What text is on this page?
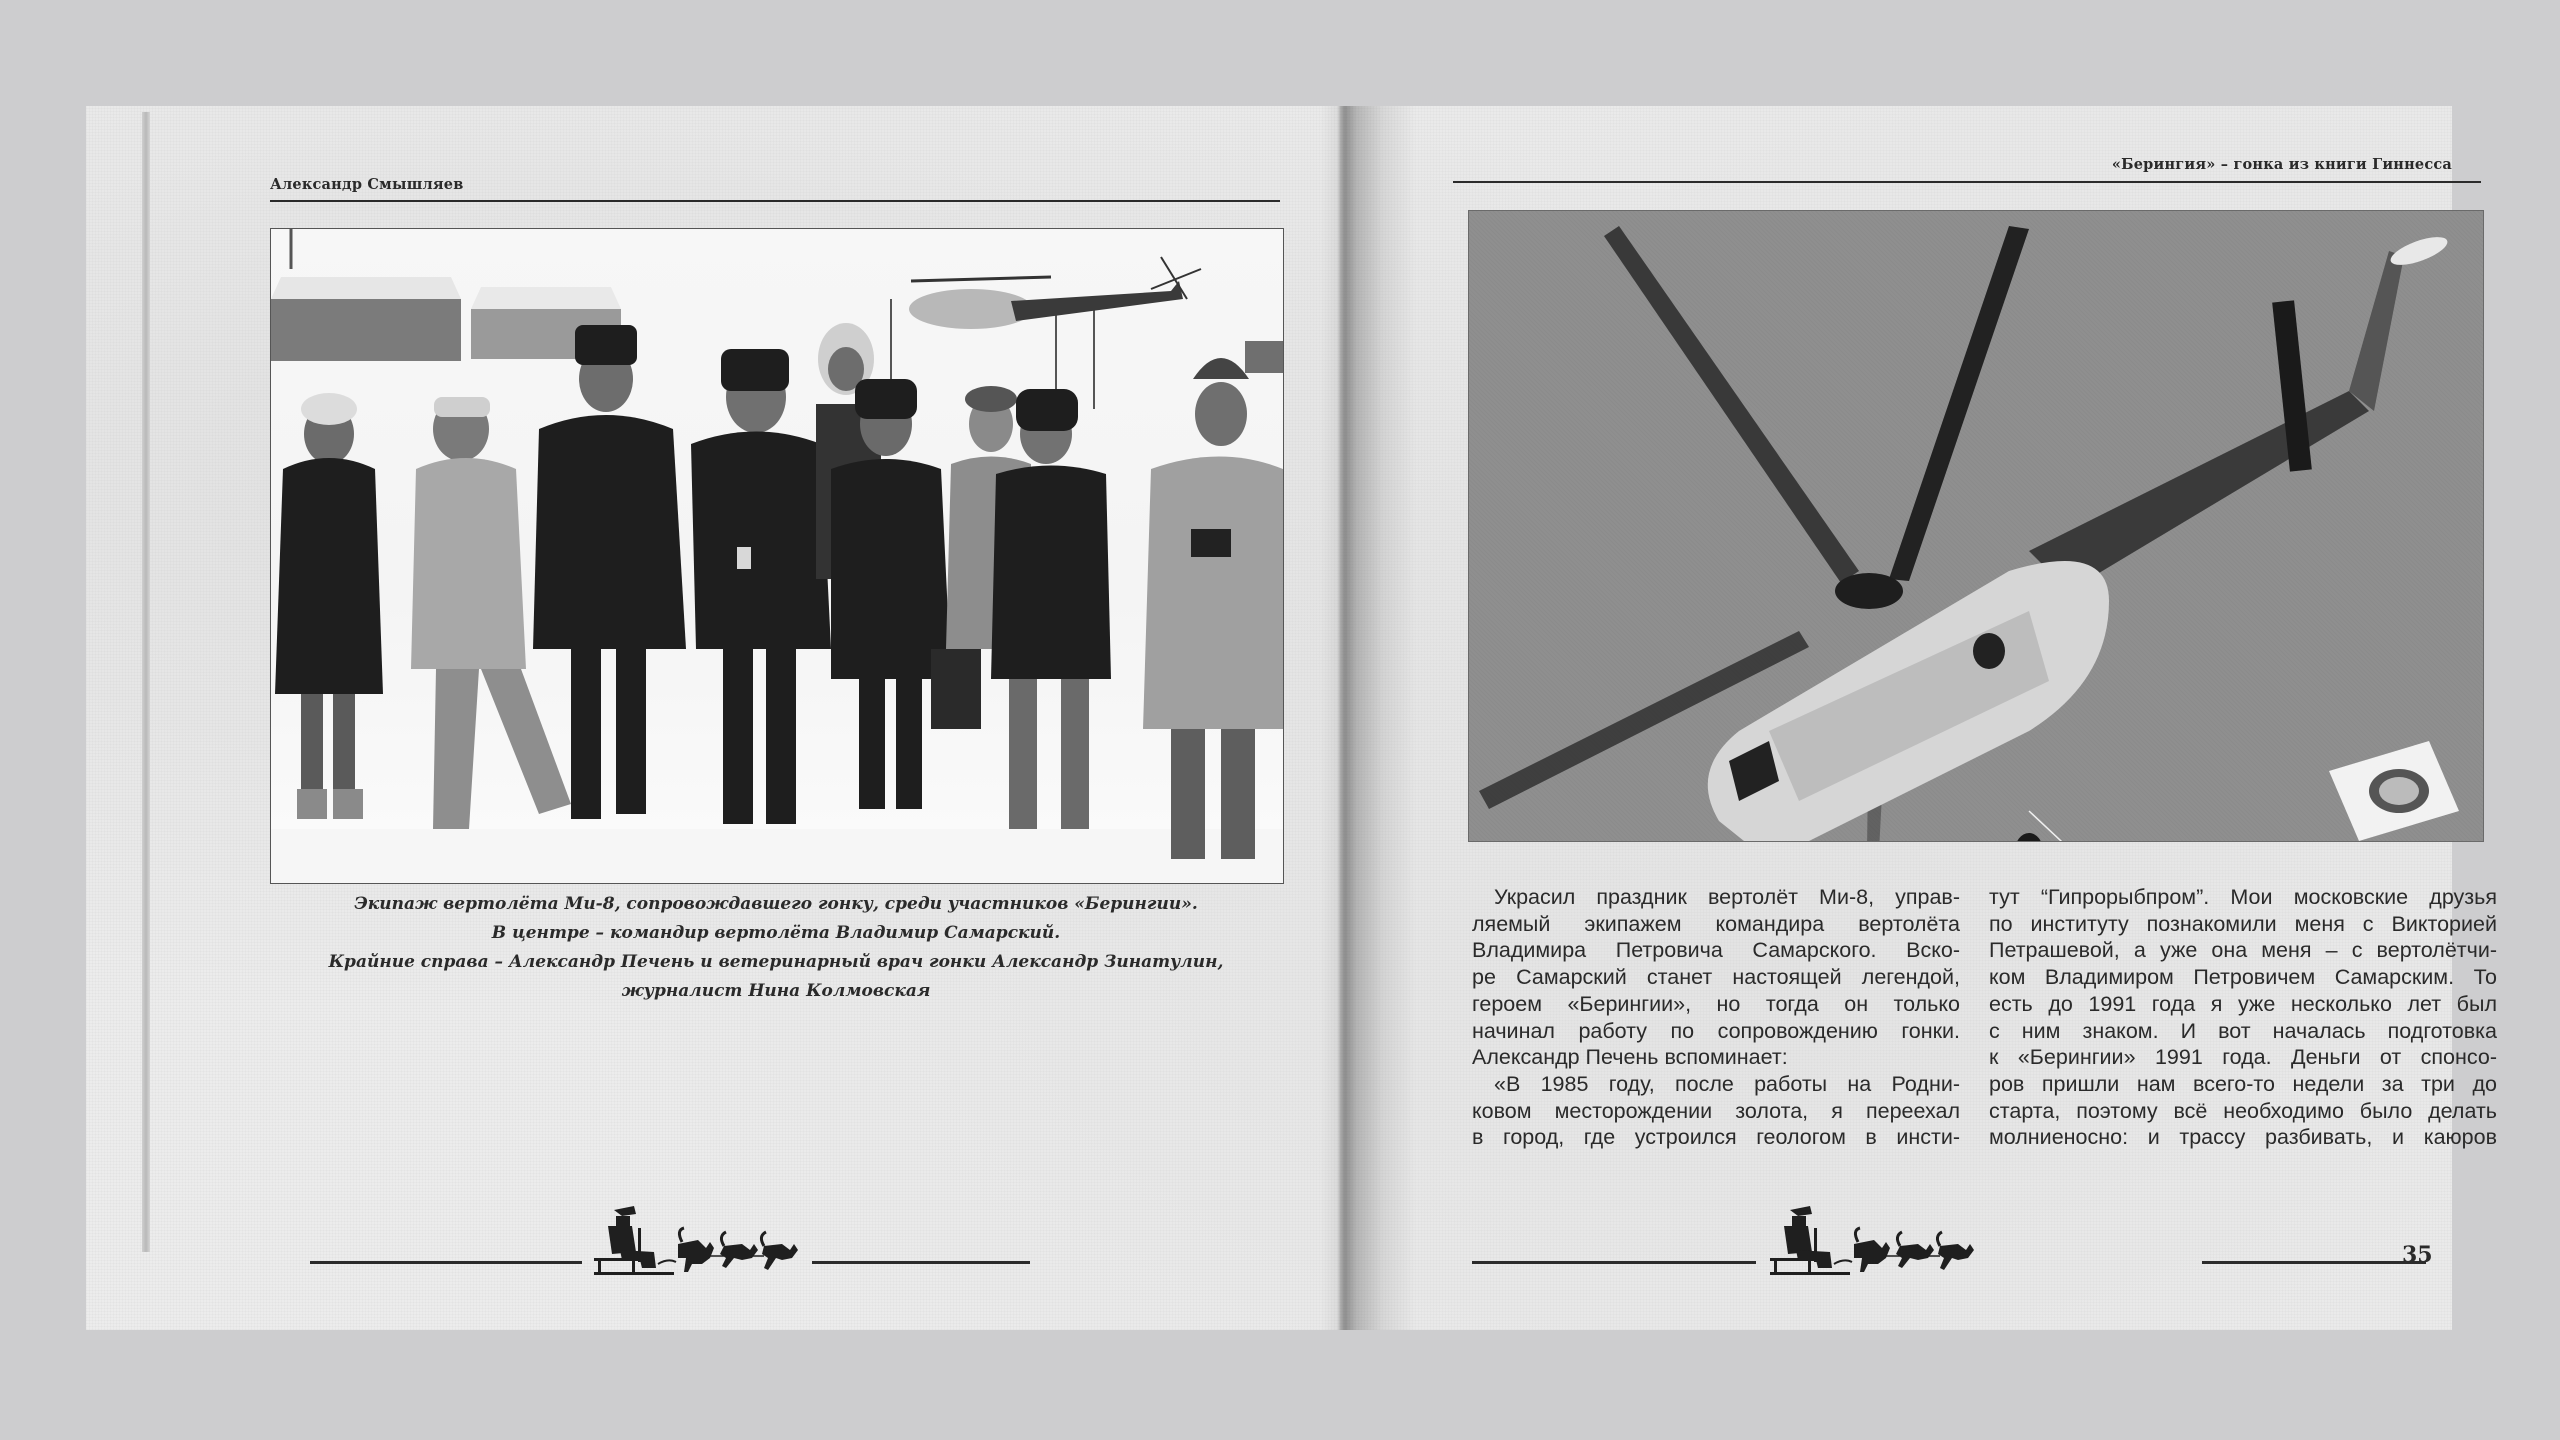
Александр Смышляев
Экипаж вертолёта Ми-8, сопровождавшего гонку, среди участников «Берингии».
В центре – командир вертолёта Владимир Самарский.
Крайние справа – Александр Печень и ветеринарный врач гонки Александр Зинатулин,
журналист Нина Колмовская
«Берингия» – гонка из книги Гиннесса
Украсил праздник вертолёт Ми-8, управ-
ляемый экипажем командира вертолёта
Владимира Петровича Самарского. Вско-
ре Самарский станет настоящей легендой,
героем «Берингии», но тогда он только
начинал работу по сопровождению гонки.
Александр Печень вспоминает:
«В 1985 году, после работы на Родни-
ковом месторождении золота, я переехал
в город, где устроился геологом в инсти-
тут “Гипрорыбпром”. Мои московские друзья
по институту познакомили меня с Викторией
Петрашевой, а уже она меня – с вертолётчи-
ком Владимиром Петровичем Самарским. То
есть до 1991 года я уже несколько лет был
с ним знаком. И вот началась подготовка
к «Берингии» 1991 года. Деньги от спонсо-
ров пришли нам всего-то недели за три до
старта, поэтому всё необходимо было делать
молниеносно: и трассу разбивать, и каюров
35
